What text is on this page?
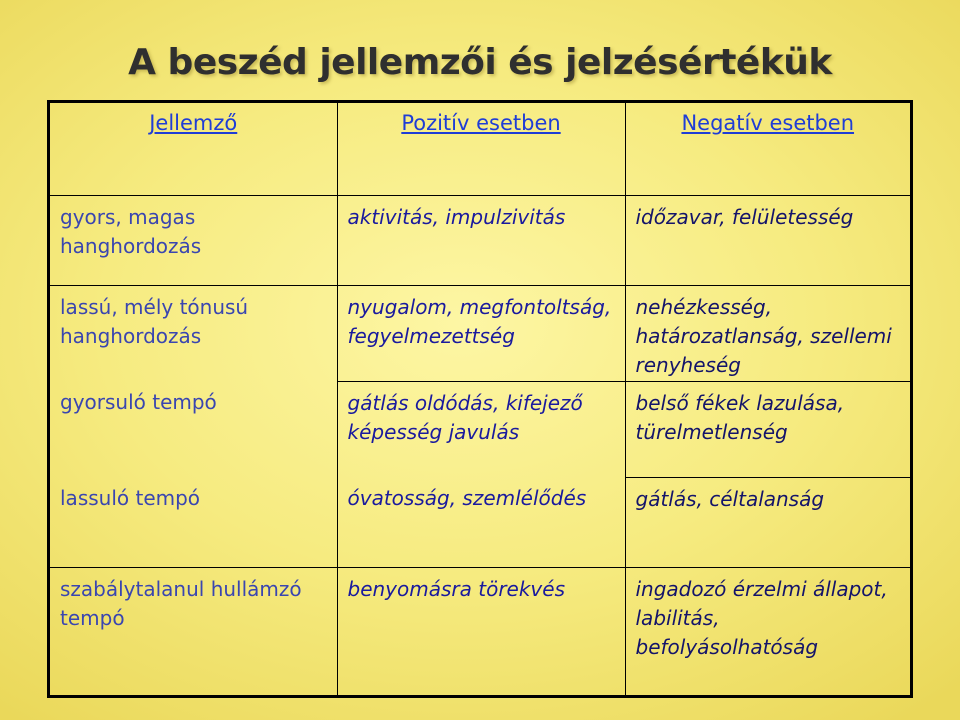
A beszéd jellemzői és jelzésértékük
Jellemző	Pozitív esetben	Negatív esetben
gyors, magas hanghordozás	aktivitás, impulzivitás	időzavar, felületesség
lassú, mély tónusú hanghordozás	nyugalom, megfontoltság, fegyelmezettség	nehézkesség, határozatlanság, szellemi renyheség
gyorsuló tempó	gátlás oldódás, kifejező képesség javulás	belső fékek lazulása, türelmetlenség
lassuló tempó	óvatosság, szemlélődés	gátlás, céltalanság
szabálytalanul hullámzó tempó	benyomásra törekvés	ingadozó érzelmi állapot, labilitás, befolyásolhatóság
